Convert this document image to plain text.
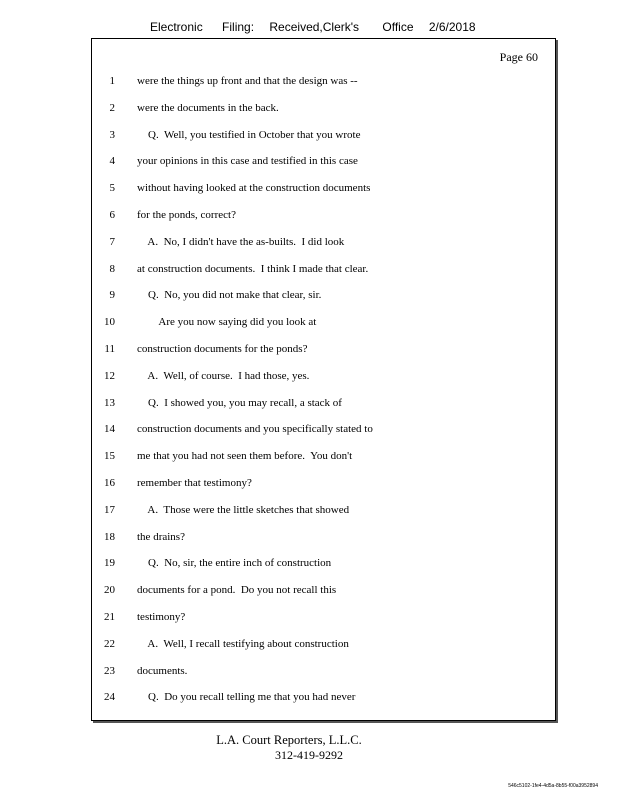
Electronic Filing: Received,Clerk's Office 2/6/2018
Page 60
1 were the things up front and that the design was --
2 were the documents in the back.
3 Q.  Well, you testified in October that you wrote
4 your opinions in this case and testified in this case
5 without having looked at the construction documents
6 for the ponds, correct?
7 A.  No, I didn't have the as-builts.  I did look
8 at construction documents.  I think I made that clear.
9 Q.  No, you did not make that clear, sir.
10 Are you now saying did you look at
11 construction documents for the ponds?
12 A.  Well, of course.  I had those, yes.
13 Q.  I showed you, you may recall, a stack of
14 construction documents and you specifically stated to
15 me that you had not seen them before.  You don't
16 remember that testimony?
17 A.  Those were the little sketches that showed
18 the drains?
19 Q.  No, sir, the entire inch of construction
20 documents for a pond.  Do you not recall this
21 testimony?
22 A.  Well, I recall testifying about construction
23 documents.
24 Q.  Do you recall telling me that you had never
L.A. Court Reporters, L.L.C.
312-419-9292
546c5102-1fe4-4d5a-8b55-f00a3952894
